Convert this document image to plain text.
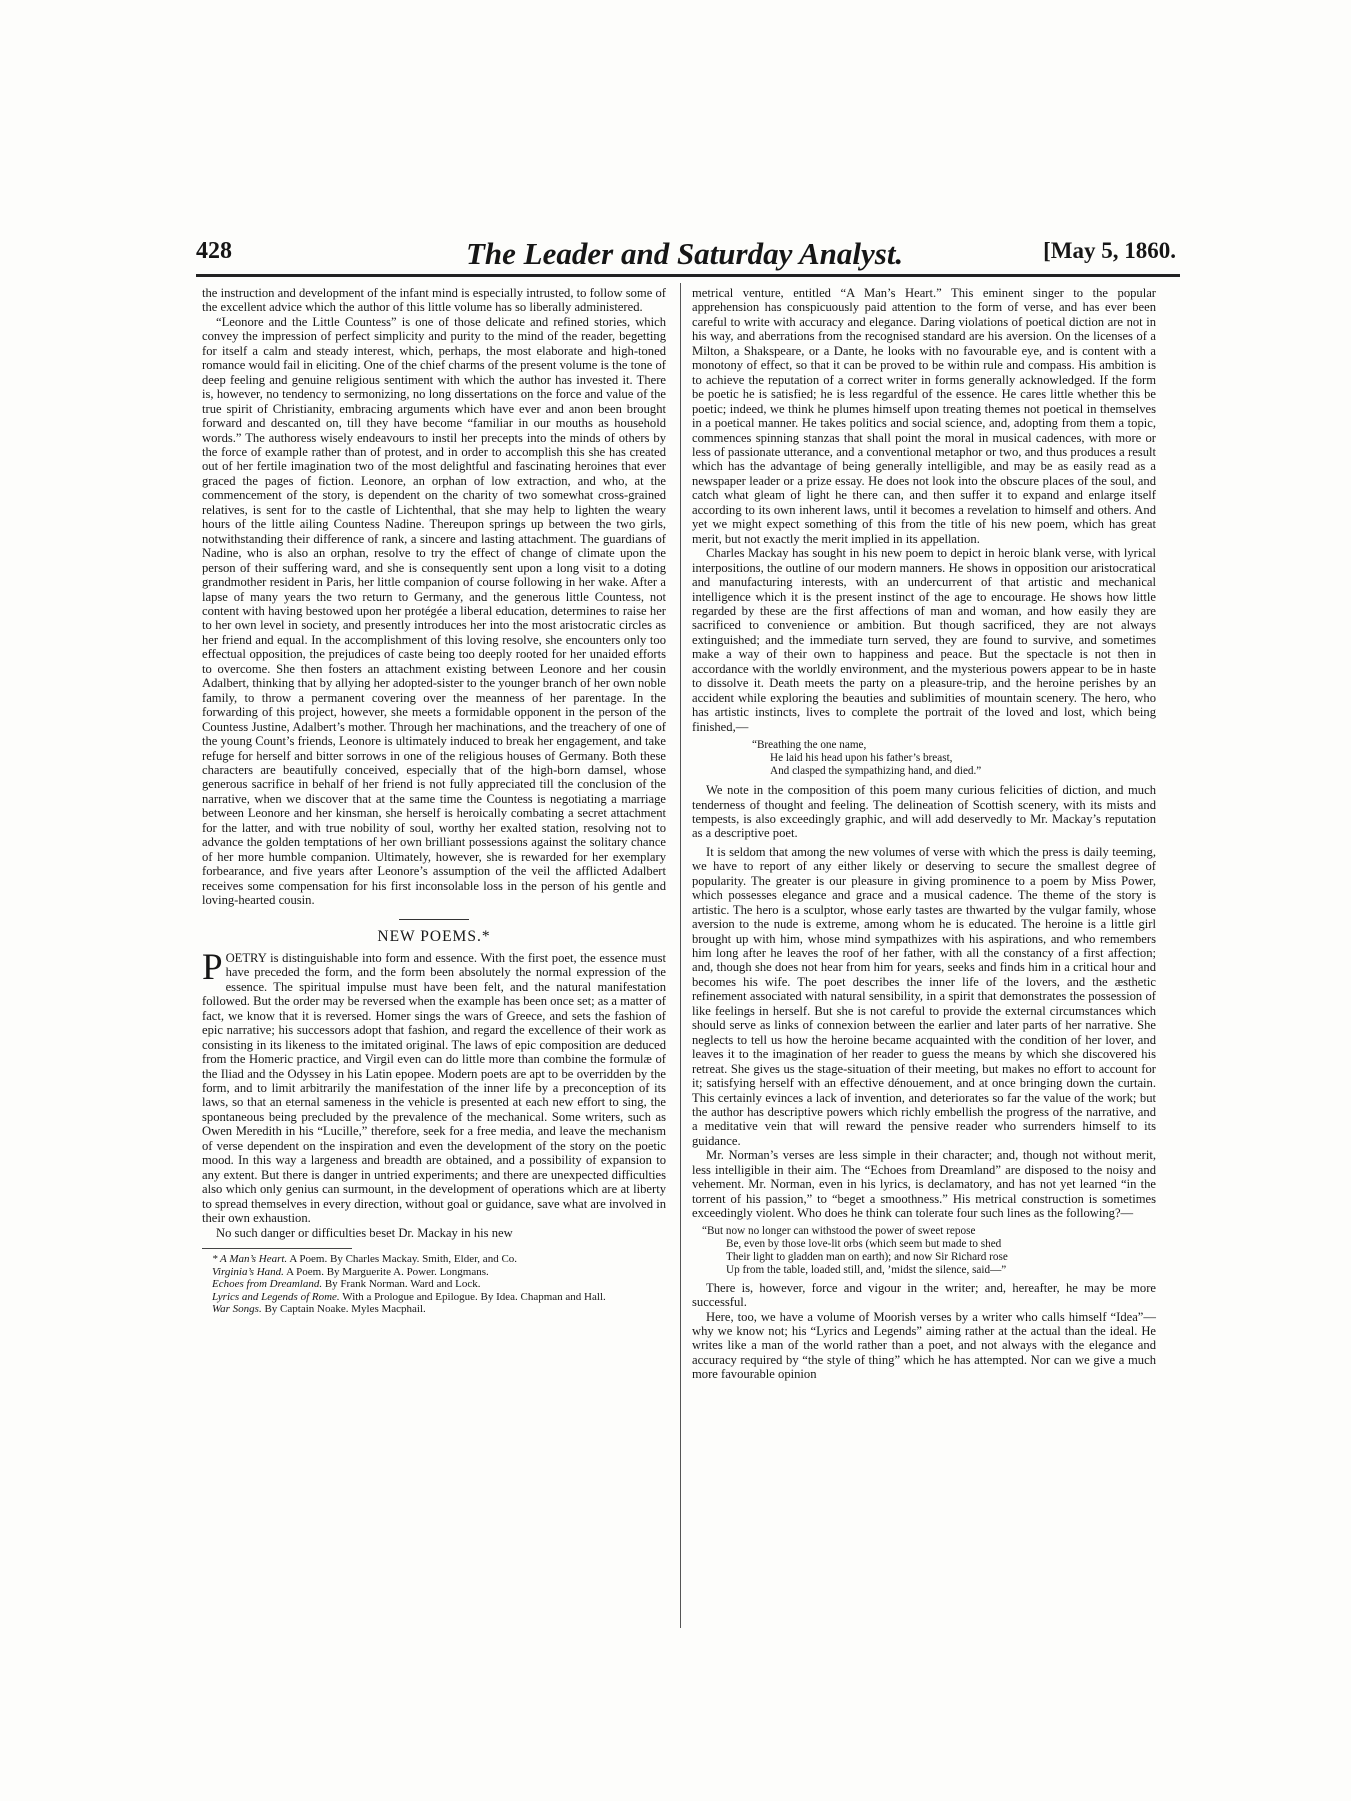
428	The Leader and Saturday Analyst.	[May 5, 1860.

the instruction and development of the infant mind is especially intrusted, to follow some of the excellent advice which the author of this little volume has so liberally administered.

“Leonore and the Little Countess” is one of those delicate and refined stories, which convey the impression of perfect simplicity and purity to the mind of the reader, begetting for itself a calm and steady interest, which, perhaps, the most elaborate and high-toned romance would fail in eliciting. One of the chief charms of the present volume is the tone of deep feeling and genuine religious sentiment with which the author has invested it. There is, however, no tendency to sermonizing, no long dissertations on the force and value of the true spirit of Christianity, embracing arguments which have ever and anon been brought forward and descanted on, till they have become “familiar in our mouths as household words.” The authoress wisely endeavours to instil her precepts into the minds of others by the force of example rather than of protest, and in order to accomplish this she has created out of her fertile imagination two of the most delightful and fascinating heroines that ever graced the pages of fiction. Leonore, an orphan of low extraction, and who, at the commencement of the story, is dependent on the charity of two somewhat cross-grained relatives, is sent for to the castle of Lichtenthal, that she may help to lighten the weary hours of the little ailing Countess Nadine. Thereupon springs up between the two girls, notwithstanding their difference of rank, a sincere and lasting attachment. The guardians of Nadine, who is also an orphan, resolve to try the effect of change of climate upon the person of their suffering ward, and she is consequently sent upon a long visit to a doting grandmother resident in Paris, her little companion of course following in her wake. After a lapse of many years the two return to Germany, and the generous little Countess, not content with having bestowed upon her protégée a liberal education, determines to raise her to her own level in society, and presently introduces her into the most aristocratic circles as her friend and equal. In the accomplishment of this loving resolve, she encounters only too effectual opposition, the prejudices of caste being too deeply rooted for her unaided efforts to overcome. She then fosters an attachment existing between Leonore and her cousin Adalbert, thinking that by allying her adopted-sister to the younger branch of her own noble family, to throw a permanent covering over the meanness of her parentage. In the forwarding of this project, however, she meets a formidable opponent in the person of the Countess Justine, Adalbert’s mother. Through her machinations, and the treachery of one of the young Count’s friends, Leonore is ultimately induced to break her engagement, and take refuge for herself and bitter sorrows in one of the religious houses of Germany. Both these characters are beautifully conceived, especially that of the high-born damsel, whose generous sacrifice in behalf of her friend is not fully appreciated till the conclusion of the narrative, when we discover that at the same time the Countess is negotiating a marriage between Leonore and her kinsman, she herself is heroically combating a secret attachment for the latter, and with true nobility of soul, worthy her exalted station, resolving not to advance the golden temptations of her own brilliant possessions against the solitary chance of her more humble companion. Ultimately, however, she is rewarded for her exemplary forbearance, and five years after Leonore’s assumption of the veil the afflicted Adalbert receives some compensation for his first inconsolable loss in the person of his gentle and loving-hearted cousin.

NEW POEMS.*

POETRY is distinguishable into form and essence. With the first poet, the essence must have preceded the form, and the form been absolutely the normal expression of the essence. The spiritual impulse must have been felt, and the natural manifestation followed. But the order may be reversed when the example has been once set; as a matter of fact, we know that it is reversed. Homer sings the wars of Greece, and sets the fashion of epic narrative; his successors adopt that fashion, and regard the excellence of their work as consisting in its likeness to the imitated original. The laws of epic composition are deduced from the Homeric practice, and Virgil even can do little more than combine the formulæ of the Iliad and the Odyssey in his Latin epopee. Modern poets are apt to be overridden by the form, and to limit arbitrarily the manifestation of the inner life by a preconception of its laws, so that an eternal sameness in the vehicle is presented at each new effort to sing, the spontaneous being precluded by the prevalence of the mechanical. Some writers, such as Owen Meredith in his “Lucille,” therefore, seek for a free media, and leave the mechanism of verse dependent on the inspiration and even the development of the story on the poetic mood. In this way a largeness and breadth are obtained, and a possibility of expansion to any extent. But there is danger in untried experiments; and there are unexpected difficulties also which only genius can surmount, in the development of operations which are at liberty to spread themselves in every direction, without goal or guidance, save what are involved in their own exhaustion.

No such danger or difficulties beset Dr. Mackay in his new

* A Man’s Heart. A Poem. By Charles Mackay. Smith, Elder, and Co.

Virginia’s Hand. A Poem. By Marguerite A. Power. Longmans.

Echoes from Dreamland. By Frank Norman. Ward and Lock.

Lyrics and Legends of Rome. With a Prologue and Epilogue. By Idea. Chapman and Hall.

War Songs. By Captain Noake. Myles Macphail.

metrical venture, entitled “A Man’s Heart.” This eminent singer to the popular apprehension has conspicuously paid attention to the form of verse, and has ever been careful to write with accuracy and elegance. Daring violations of poetical diction are not in his way, and aberrations from the recognised standard are his aversion. On the licenses of a Milton, a Shakspeare, or a Dante, he looks with no favourable eye, and is content with a monotony of effect, so that it can be proved to be within rule and compass. His ambition is to achieve the reputation of a correct writer in forms generally acknowledged. If the form be poetic he is satisfied; he is less regardful of the essence. He cares little whether this be poetic; indeed, we think he plumes himself upon treating themes not poetical in themselves in a poetical manner. He takes politics and social science, and, adopting from them a topic, commences spinning stanzas that shall point the moral in musical cadences, with more or less of passionate utterance, and a conventional metaphor or two, and thus produces a result which has the advantage of being generally intelligible, and may be as easily read as a newspaper leader or a prize essay. He does not look into the obscure places of the soul, and catch what gleam of light he there can, and then suffer it to expand and enlarge itself according to its own inherent laws, until it becomes a revelation to himself and others. And yet we might expect something of this from the title of his new poem, which has great merit, but not exactly the merit implied in its appellation.

Charles Mackay has sought in his new poem to depict in heroic blank verse, with lyrical interpositions, the outline of our modern manners. He shows in opposition our aristocratical and manufacturing interests, with an undercurrent of that artistic and mechanical intelligence which it is the present instinct of the age to encourage. He shows how little regarded by these are the first affections of man and woman, and how easily they are sacrificed to convenience or ambition. But though sacrificed, they are not always extinguished; and the immediate turn served, they are found to survive, and sometimes make a way of their own to happiness and peace. But the spectacle is not then in accordance with the worldly environment, and the mysterious powers appear to be in haste to dissolve it. Death meets the party on a pleasure-trip, and the heroine perishes by an accident while exploring the beauties and sublimities of mountain scenery. The hero, who has artistic instincts, lives to complete the portrait of the loved and lost, which being finished,—

“Breathing the one name,
He laid his head upon his father’s breast,
And clasped the sympathizing hand, and died.”

We note in the composition of this poem many curious felicities of diction, and much tenderness of thought and feeling. The delineation of Scottish scenery, with its mists and tempests, is also exceedingly graphic, and will add deservedly to Mr. Mackay’s reputation as a descriptive poet.

It is seldom that among the new volumes of verse with which the press is daily teeming, we have to report of any either likely or deserving to secure the smallest degree of popularity. The greater is our pleasure in giving prominence to a poem by Miss Power, which possesses elegance and grace and a musical cadence. The theme of the story is artistic. The hero is a sculptor, whose early tastes are thwarted by the vulgar family, whose aversion to the nude is extreme, among whom he is educated. The heroine is a little girl brought up with him, whose mind sympathizes with his aspirations, and who remembers him long after he leaves the roof of her father, with all the constancy of a first affection; and, though she does not hear from him for years, seeks and finds him in a critical hour and becomes his wife. The poet describes the inner life of the lovers, and the æsthetic refinement associated with natural sensibility, in a spirit that demonstrates the possession of like feelings in herself. But she is not careful to provide the external circumstances which should serve as links of connexion between the earlier and later parts of her narrative. She neglects to tell us how the heroine became acquainted with the condition of her lover, and leaves it to the imagination of her reader to guess the means by which she discovered his retreat. She gives us the stage-situation of their meeting, but makes no effort to account for it; satisfying herself with an effective dénouement, and at once bringing down the curtain. This certainly evinces a lack of invention, and deteriorates so far the value of the work; but the author has descriptive powers which richly embellish the progress of the narrative, and a meditative vein that will reward the pensive reader who surrenders himself to its guidance.

Mr. Norman’s verses are less simple in their character; and, though not without merit, less intelligible in their aim. The “Echoes from Dreamland” are disposed to the noisy and vehement. Mr. Norman, even in his lyrics, is declamatory, and has not yet learned “in the torrent of his passion,” to “beget a smoothness.” His metrical construction is sometimes exceedingly violent. Who does he think can tolerate four such lines as the following?—

“But now no longer can withstood the power of sweet repose
Be, even by those love-lit orbs (which seem but made to shed
Their light to gladden man on earth); and now Sir Richard rose
Up from the table, loaded still, and, ’midst the silence, said—”

There is, however, force and vigour in the writer; and, hereafter, he may be more successful.

Here, too, we have a volume of Moorish verses by a writer who calls himself “Idea”—why we know not; his “Lyrics and Legends” aiming rather at the actual than the ideal. He writes like a man of the world rather than a poet, and not always with the elegance and accuracy required by “the style of thing” which he has attempted. Nor can we give a much more favourable opinion
